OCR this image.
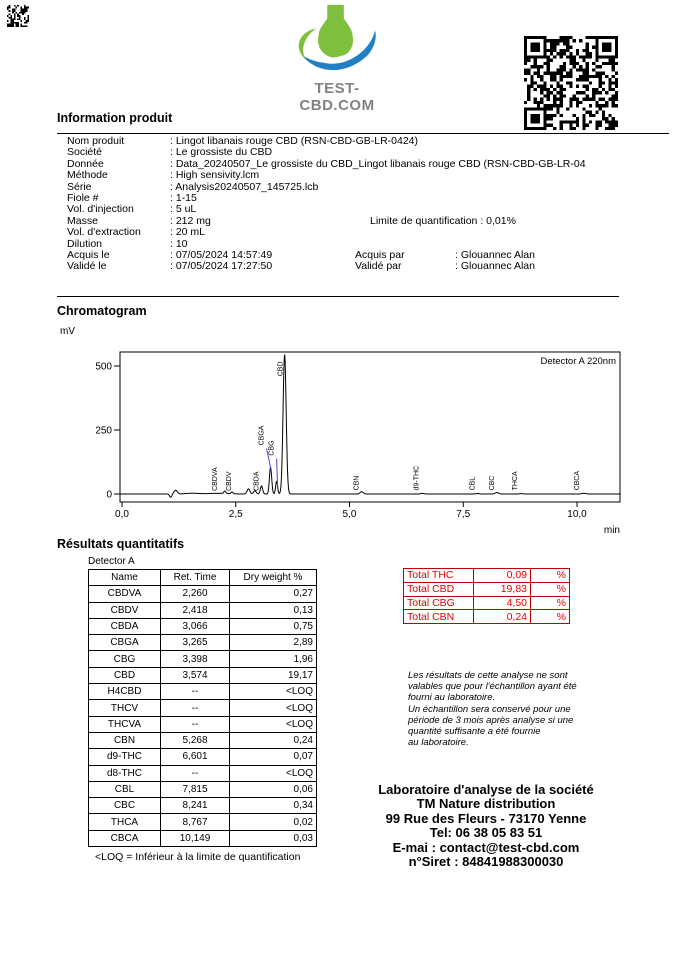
TEST-CBD.COM
Information produit
Nom produit	: Lingot libanais rouge CBD (RSN-CBD-GB-LR-0424)
Société	: Le grossiste du CBD
Donnée	: Data_20240507_Le grossiste du CBD_Lingot libanais rouge CBD (RSN-CBD-GB-LR-04
Méthode	: High sensivity.lcm
Série	: Analysis20240507_145725.lcb
Fiole #	: 1-15
Vol. d'injection	: 5 uL
Masse	: 212 mg	Limite de quantification : 0,01%
Vol. d'extraction	: 20 mL
Dilution	: 10
Acquis le	: 07/05/2024 14:57:49	Acquis par	: Glouannec Alan
Validé le	: 07/05/2024 17:27:50	Validé par	: Glouannec Alan
Chromatogram
mV
0
250
500
0,0	2,5	5,0	7,5	10,0
min
Detector A 220nm
CBDVA CBDV	CBDA
CBGA
CBG
CBD
CBN	d9-THC	CBL CBC THCA	CBCA
Résultats quantitatifs
Detector A
Name	Ret. Time	Dry weight %
CBDVA	2,260	0,27
CBDV	2,418	0,13
CBDA	3,066	0,75
CBGA	3,265	2,89
CBG	3,398	1,96
CBD	3,574	19,17
H4CBD	--	<LOQ
THCV	--	<LOQ
THCVA	--	<LOQ
CBN	5,268	0,24
d9-THC	6,601	0,07
d8-THC	--	<LOQ
CBL	7,815	0,06
CBC	8,241	0,34
THCA	8,767	0,02
CBCA	10,149	0,03
<LOQ = Inférieur à la limite de quantification
Total THC	0,09	%
Total CBD	19,83	%
Total CBG	4,50	%
Total CBN	0,24	%
Les résultats de cette analyse ne sont
valables que pour l'échantillon ayant été
fourni au laboratoire.
Un échantillon sera conservé pour une
période de 3 mois après analyse si une
quantité suffisante a été fournie
au laboratoire.
Laboratoire d'analyse de la société
TM Nature distribution
99 Rue des Fleurs - 73170 Yenne
Tel: 06 38 05 83 51
E-mai : contact@test-cbd.com
n°Siret : 84841988300030
